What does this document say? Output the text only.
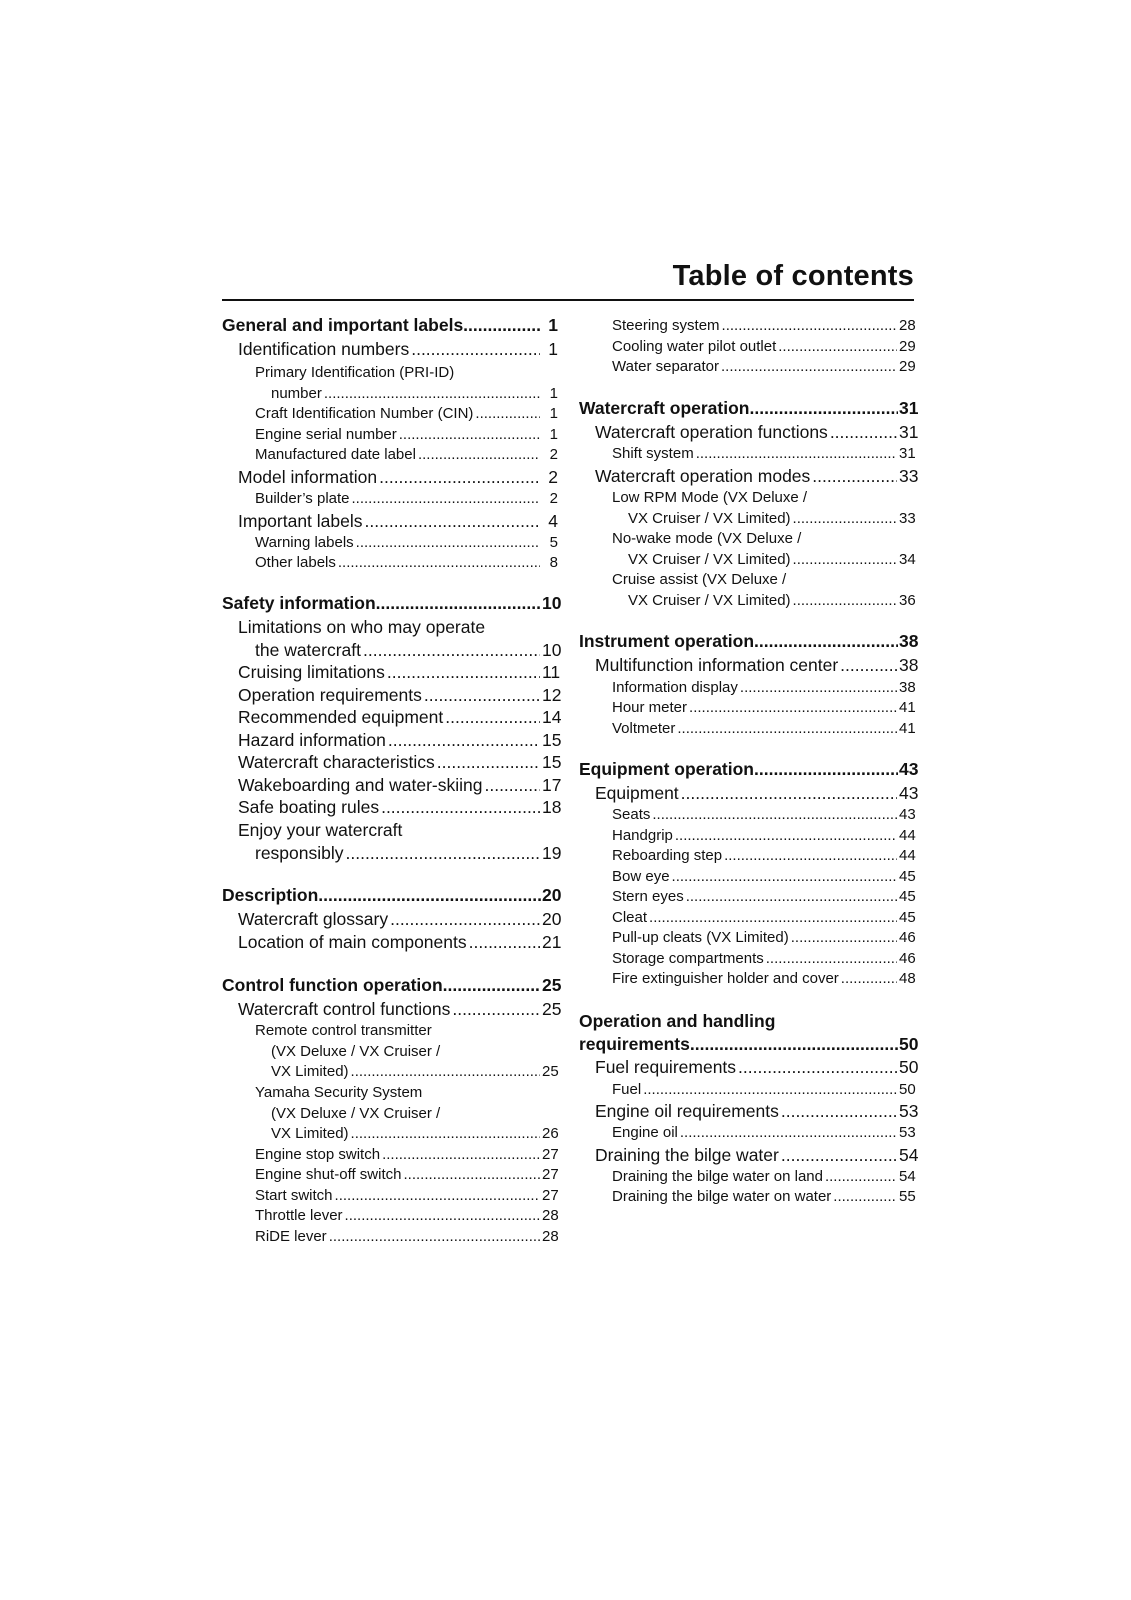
Table of contents
General and important labels .....	1
Identification numbers .....	1
Primary Identification (PRI-ID)
number .....	1
Craft Identification Number (CIN) .....	1
Engine serial number .....	1
Manufactured date label .....	2
Model information .....	2
Builder’s plate .....	2
Important labels .....	4
Warning labels .....	5
Other labels .....	8
Safety information .....	10
Limitations on who may operate
the watercraft .....	10
Cruising limitations .....	11
Operation requirements .....	12
Recommended equipment .....	14
Hazard information .....	15
Watercraft characteristics .....	15
Wakeboarding and water-skiing .....	17
Safe boating rules .....	18
Enjoy your watercraft
responsibly .....	19
Description .....	20
Watercraft glossary .....	20
Location of main components .....	21
Control function operation .....	25
Watercraft control functions .....	25
Remote control transmitter
(VX Deluxe / VX Cruiser /
VX Limited) .....	25
Yamaha Security System
(VX Deluxe / VX Cruiser /
VX Limited) .....	26
Engine stop switch .....	27
Engine shut-off switch .....	27
Start switch .....	27
Throttle lever .....	28
RiDE lever .....	28
Steering system .....	28
Cooling water pilot outlet .....	29
Water separator .....	29
Watercraft operation .....	31
Watercraft operation functions .....	31
Shift system .....	31
Watercraft operation modes .....	33
Low RPM Mode (VX Deluxe /
VX Cruiser / VX Limited) .....	33
No-wake mode (VX Deluxe /
VX Cruiser / VX Limited) .....	34
Cruise assist (VX Deluxe /
VX Cruiser / VX Limited) .....	36
Instrument operation .....	38
Multifunction information center .....	38
Information display .....	38
Hour meter .....	41
Voltmeter .....	41
Equipment operation .....	43
Equipment .....	43
Seats .....	43
Handgrip .....	44
Reboarding step .....	44
Bow eye .....	45
Stern eyes .....	45
Cleat .....	45
Pull-up cleats (VX Limited) .....	46
Storage compartments .....	46
Fire extinguisher holder and cover .....	48
Operation and handling
requirements .....	50
Fuel requirements .....	50
Fuel .....	50
Engine oil requirements .....	53
Engine oil .....	53
Draining the bilge water .....	54
Draining the bilge water on land .....	54
Draining the bilge water on water .....	55
